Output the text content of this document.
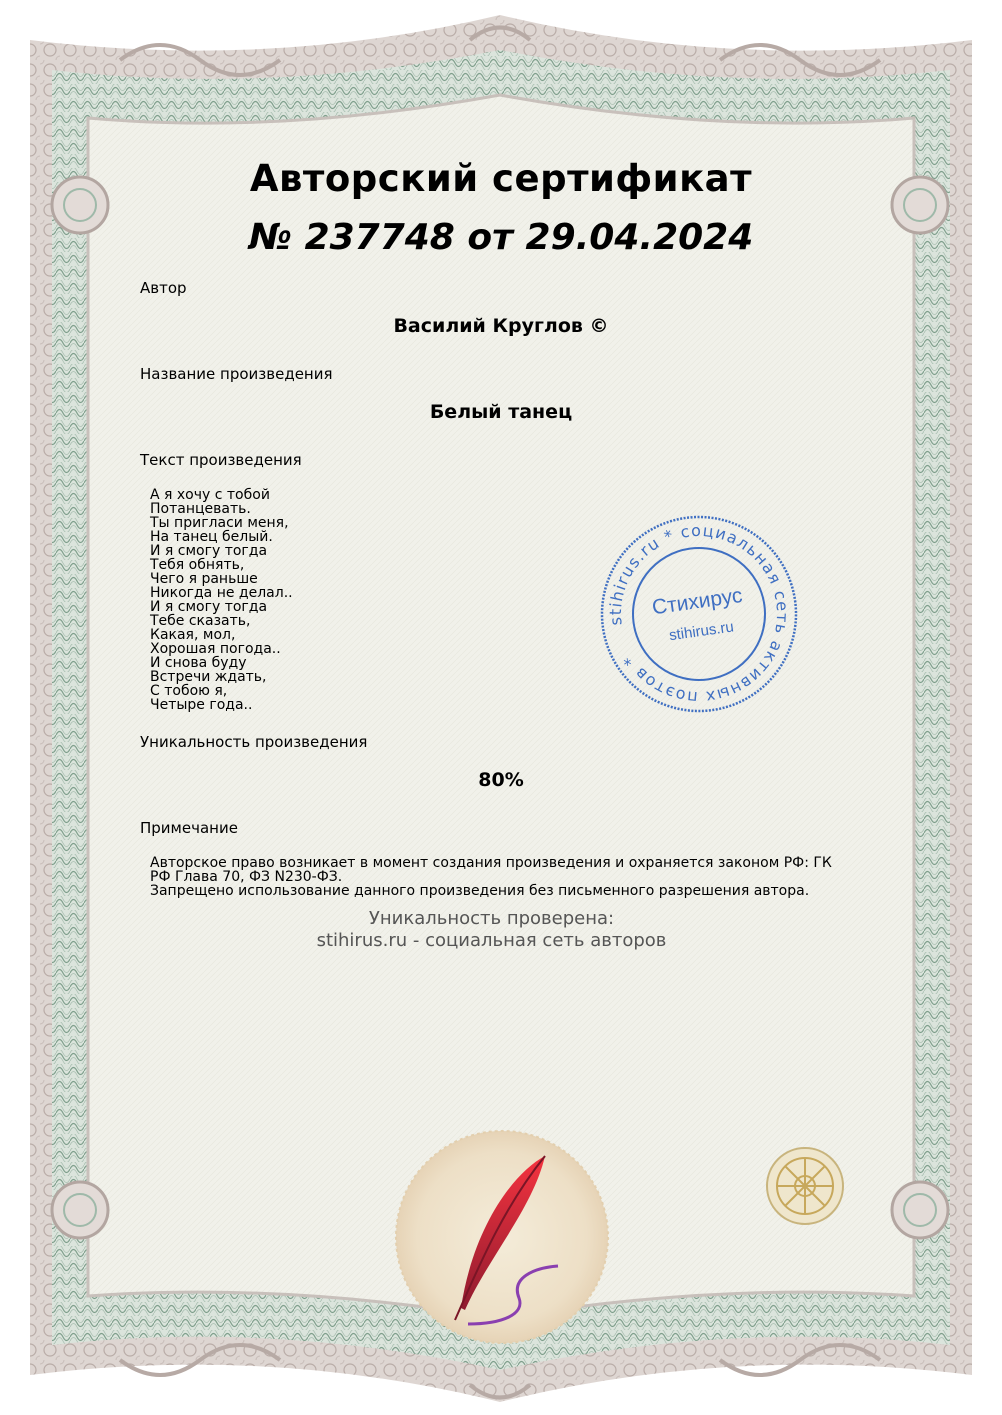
Авторский сертификат
№ 237748 от 29.04.2024
Автор
Василий Круглов ©
Название произведения
Белый танец
Текст произведения
А я хочу с тобой
Потанцевать.
Ты пригласи меня,
На танец белый.
И я смогу тогда
Тебя обнять,
Чего я раньше
Никогда не делал..
И я смогу тогда
Тебе сказать,
Какая, мол,
Хорошая погода..
И снова буду
Встречи ждать,
С тобою я,
Четыре года..
Уникальность произведения
80%
Примечание
Авторское право возникает в момент создания произведения и охраняется законом РФ: ГК РФ Глава 70, ФЗ N230-ФЗ.
Запрещено использование данного произведения без письменного разрешения автора.
Уникальность проверена:
stihirus.ru - социальная сеть авторов
stihirus.ru * социальная сеть активных поэтов *
Стихирус
stihirus.ru
